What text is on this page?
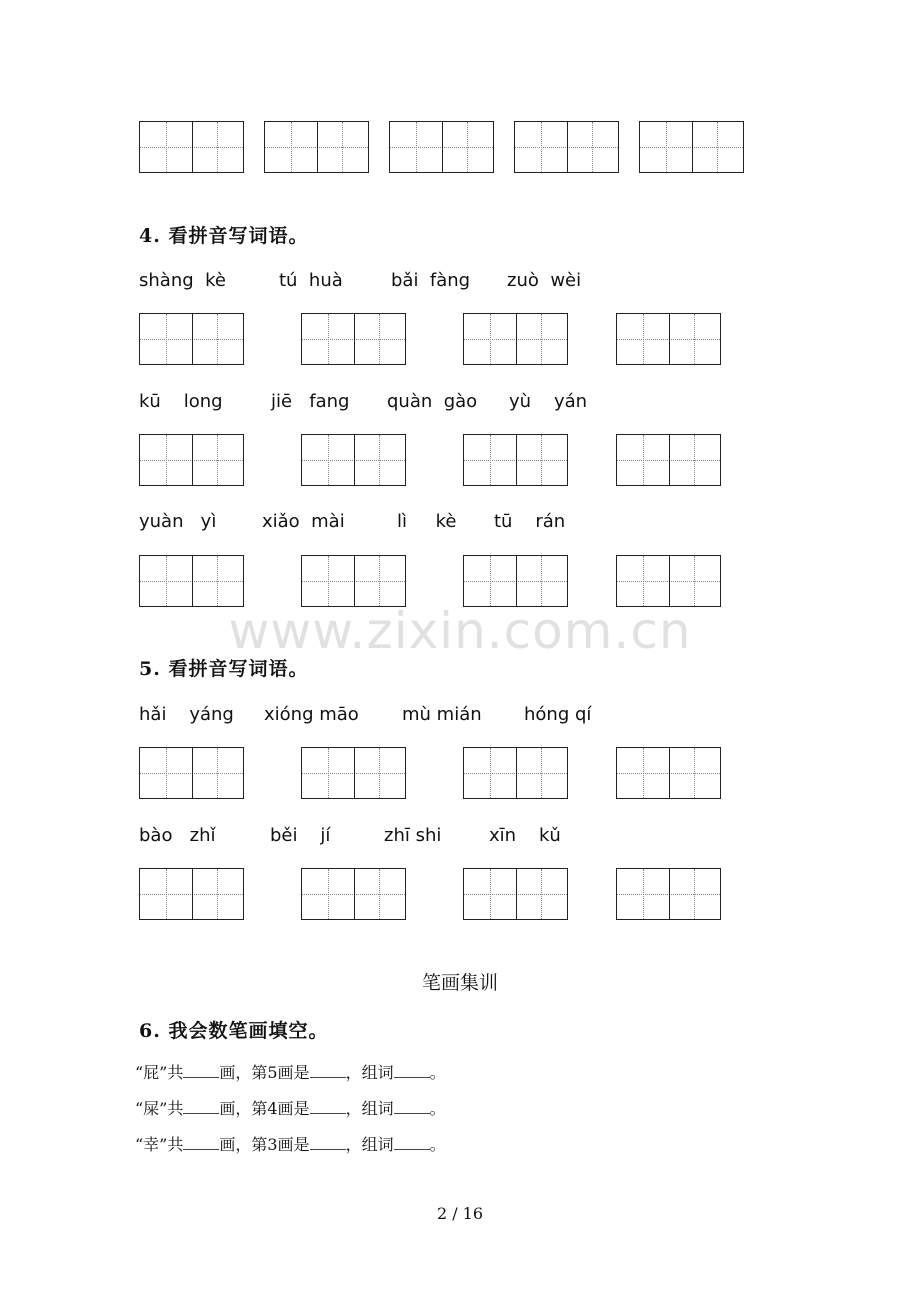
4. 看拼音写词语。
shàng  kè	tú  huà	bǎi  fàng zuò  wèi
kū    long	jiē   fang quàn  gào yù    yán
yuàn   yì	xiǎo  mài	lì     kè tū    rán
www.zixin.com.cn
5. 看拼音写词语。
hǎi    yáng xióng māo mù mián hóng qí
bào   zhǐ	běi    jí	zhī shi	xīn    kǔ
笔画集训
6. 我会数笔画填空。
“屁”共 画，第5画是 ，组词 。
“屎”共 画，第4画是 ，组词 。
“幸”共 画，第3画是 ，组词 。
2 / 16
